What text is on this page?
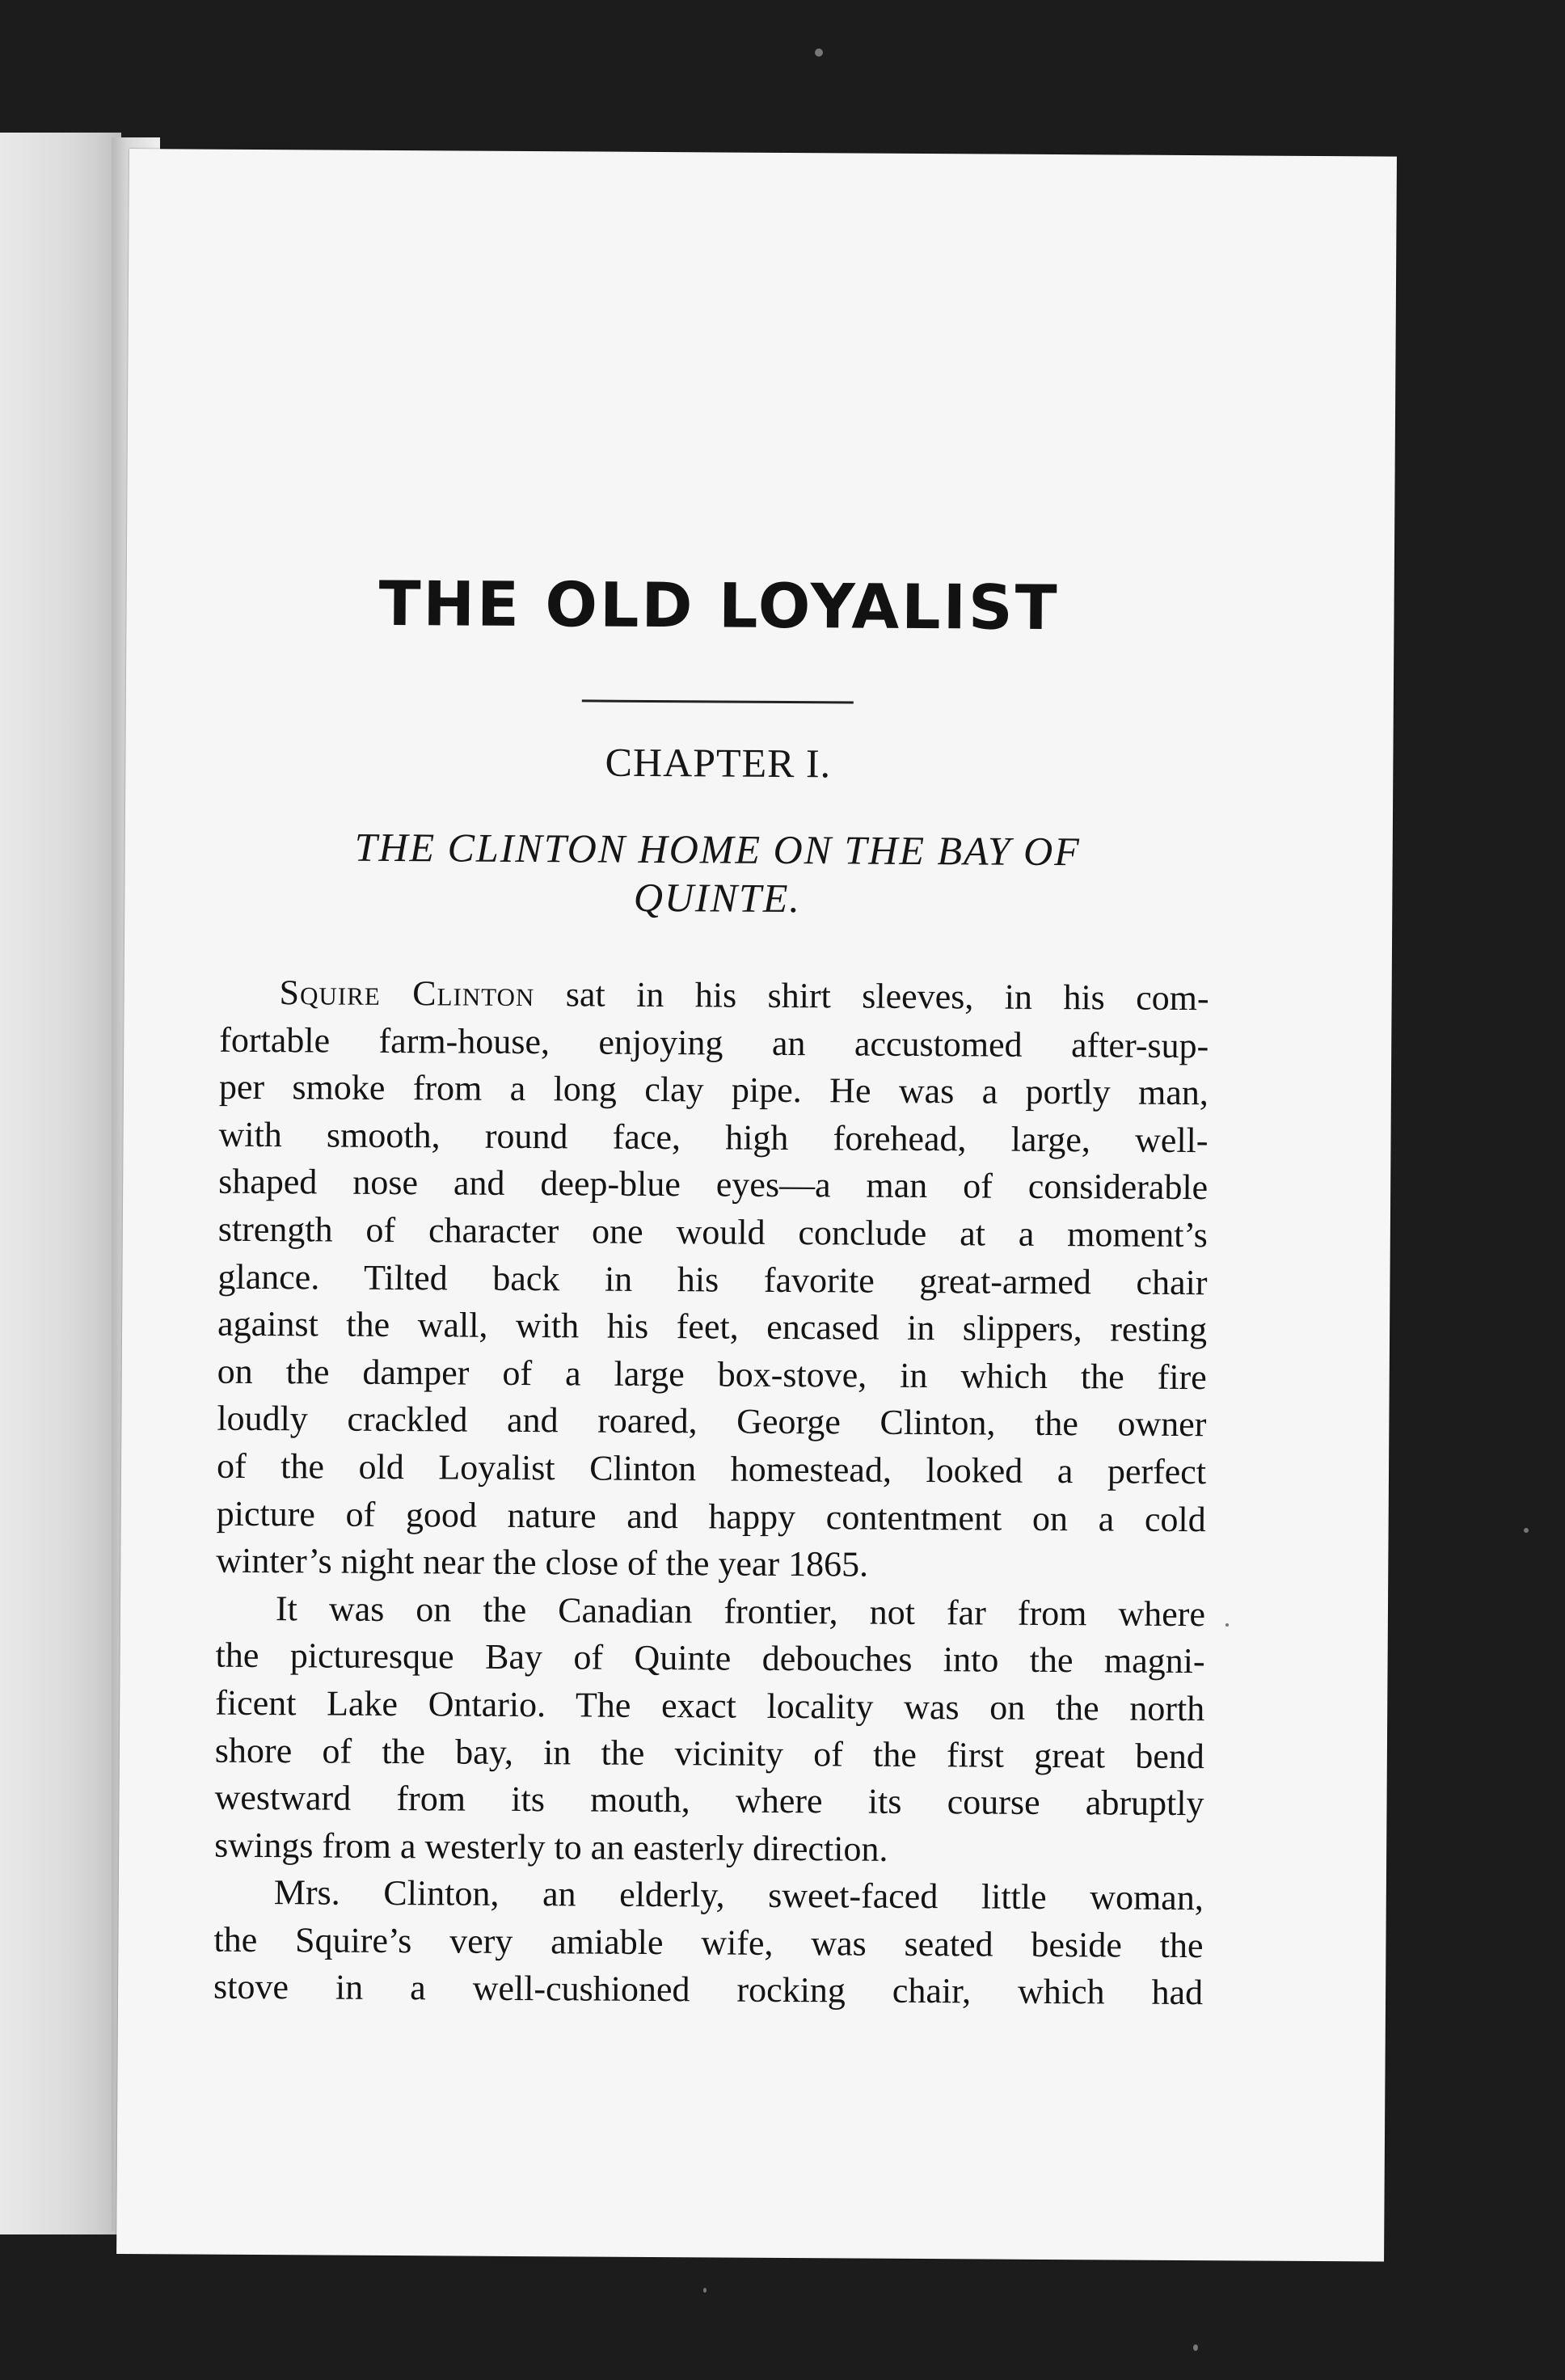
THE OLD LOYALIST
CHAPTER I.
THE CLINTON HOME ON THE BAY OF
QUINTE.

Squire Clinton sat in his shirt sleeves, in his com-
fortable farm-house, enjoying an accustomed after-sup-
per smoke from a long clay pipe. He was a portly man,
with smooth, round face, high forehead, large, well-
shaped nose and deep-blue eyes—a man of considerable
strength of character one would conclude at a moment’s
glance. Tilted back in his favorite great-armed chair
against the wall, with his feet, encased in slippers, resting
on the damper of a large box-stove, in which the fire
loudly crackled and roared, George Clinton, the owner
of the old Loyalist Clinton homestead, looked a perfect
picture of good nature and happy contentment on a cold
winter’s night near the close of the year 1865.

It was on the Canadian frontier, not far from where
the picturesque Bay of Quinte debouches into the magni-
ficent Lake Ontario. The exact locality was on the north
shore of the bay, in the vicinity of the first great bend
westward from its mouth, where its course abruptly
swings from a westerly to an easterly direction.

Mrs. Clinton, an elderly, sweet-faced little woman,
the Squire’s very amiable wife, was seated beside the
stove in a well-cushioned rocking chair, which had
